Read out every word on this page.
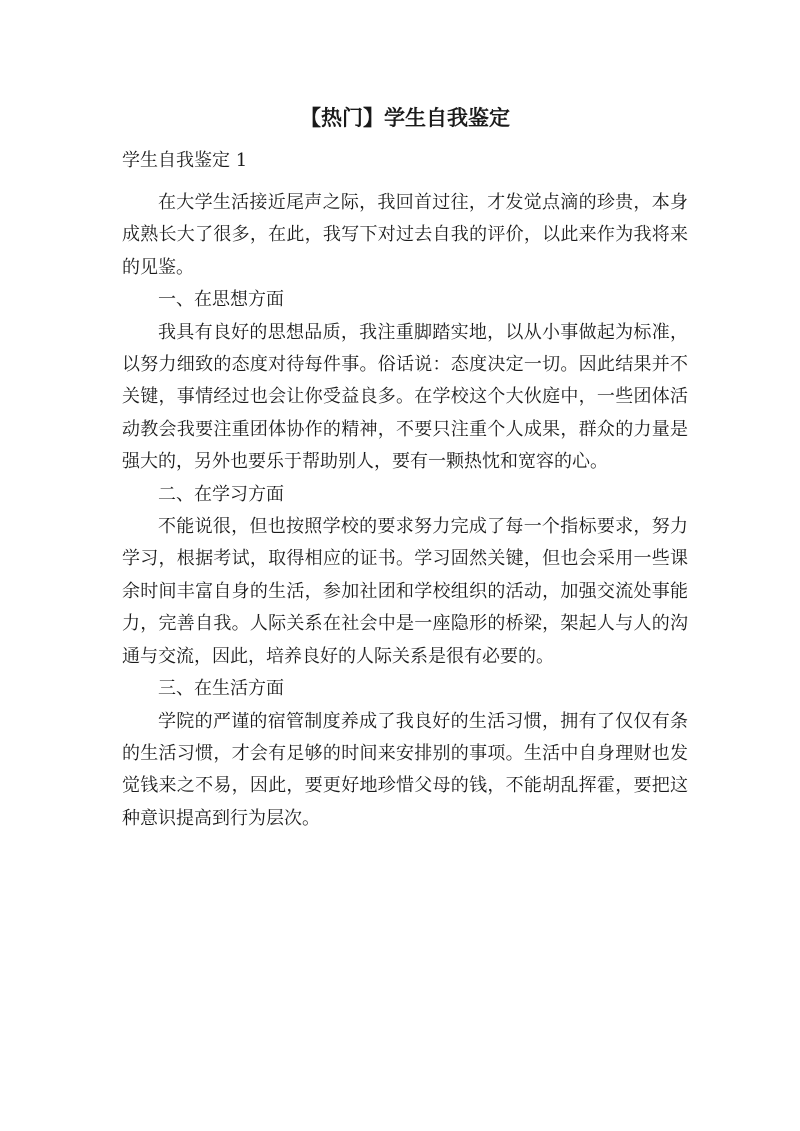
【热门】学生自我鉴定
学生自我鉴定 1

在大学生活接近尾声之际，我回首过往，才发觉点滴的珍贵，本身成熟长大了很多，在此，我写下对过去自我的评价，以此来作为我将来的见鉴。

一、在思想方面

我具有良好的思想品质，我注重脚踏实地，以从小事做起为标准，以努力细致的态度对待每件事。俗话说：态度决定一切。因此结果并不关键，事情经过也会让你受益良多。在学校这个大伙庭中，一些团体活动教会我要注重团体协作的精神，不要只注重个人成果，群众的力量是强大的，另外也要乐于帮助别人，要有一颗热忱和宽容的心。

二、在学习方面

不能说很，但也按照学校的要求努力完成了每一个指标要求，努力学习，根据考试，取得相应的证书。学习固然关键，但也会采用一些课余时间丰富自身的生活，参加社团和学校组织的活动，加强交流处事能力，完善自我。人际关系在社会中是一座隐形的桥梁，架起人与人的沟通与交流，因此，培养良好的人际关系是很有必要的。

三、在生活方面

学院的严谨的宿管制度养成了我良好的生活习惯，拥有了仅仅有条的生活习惯，才会有足够的时间来安排别的事项。生活中自身理财也发觉钱来之不易，因此，要更好地珍惜父母的钱，不能胡乱挥霍，要把这种意识提高到行为层次。
